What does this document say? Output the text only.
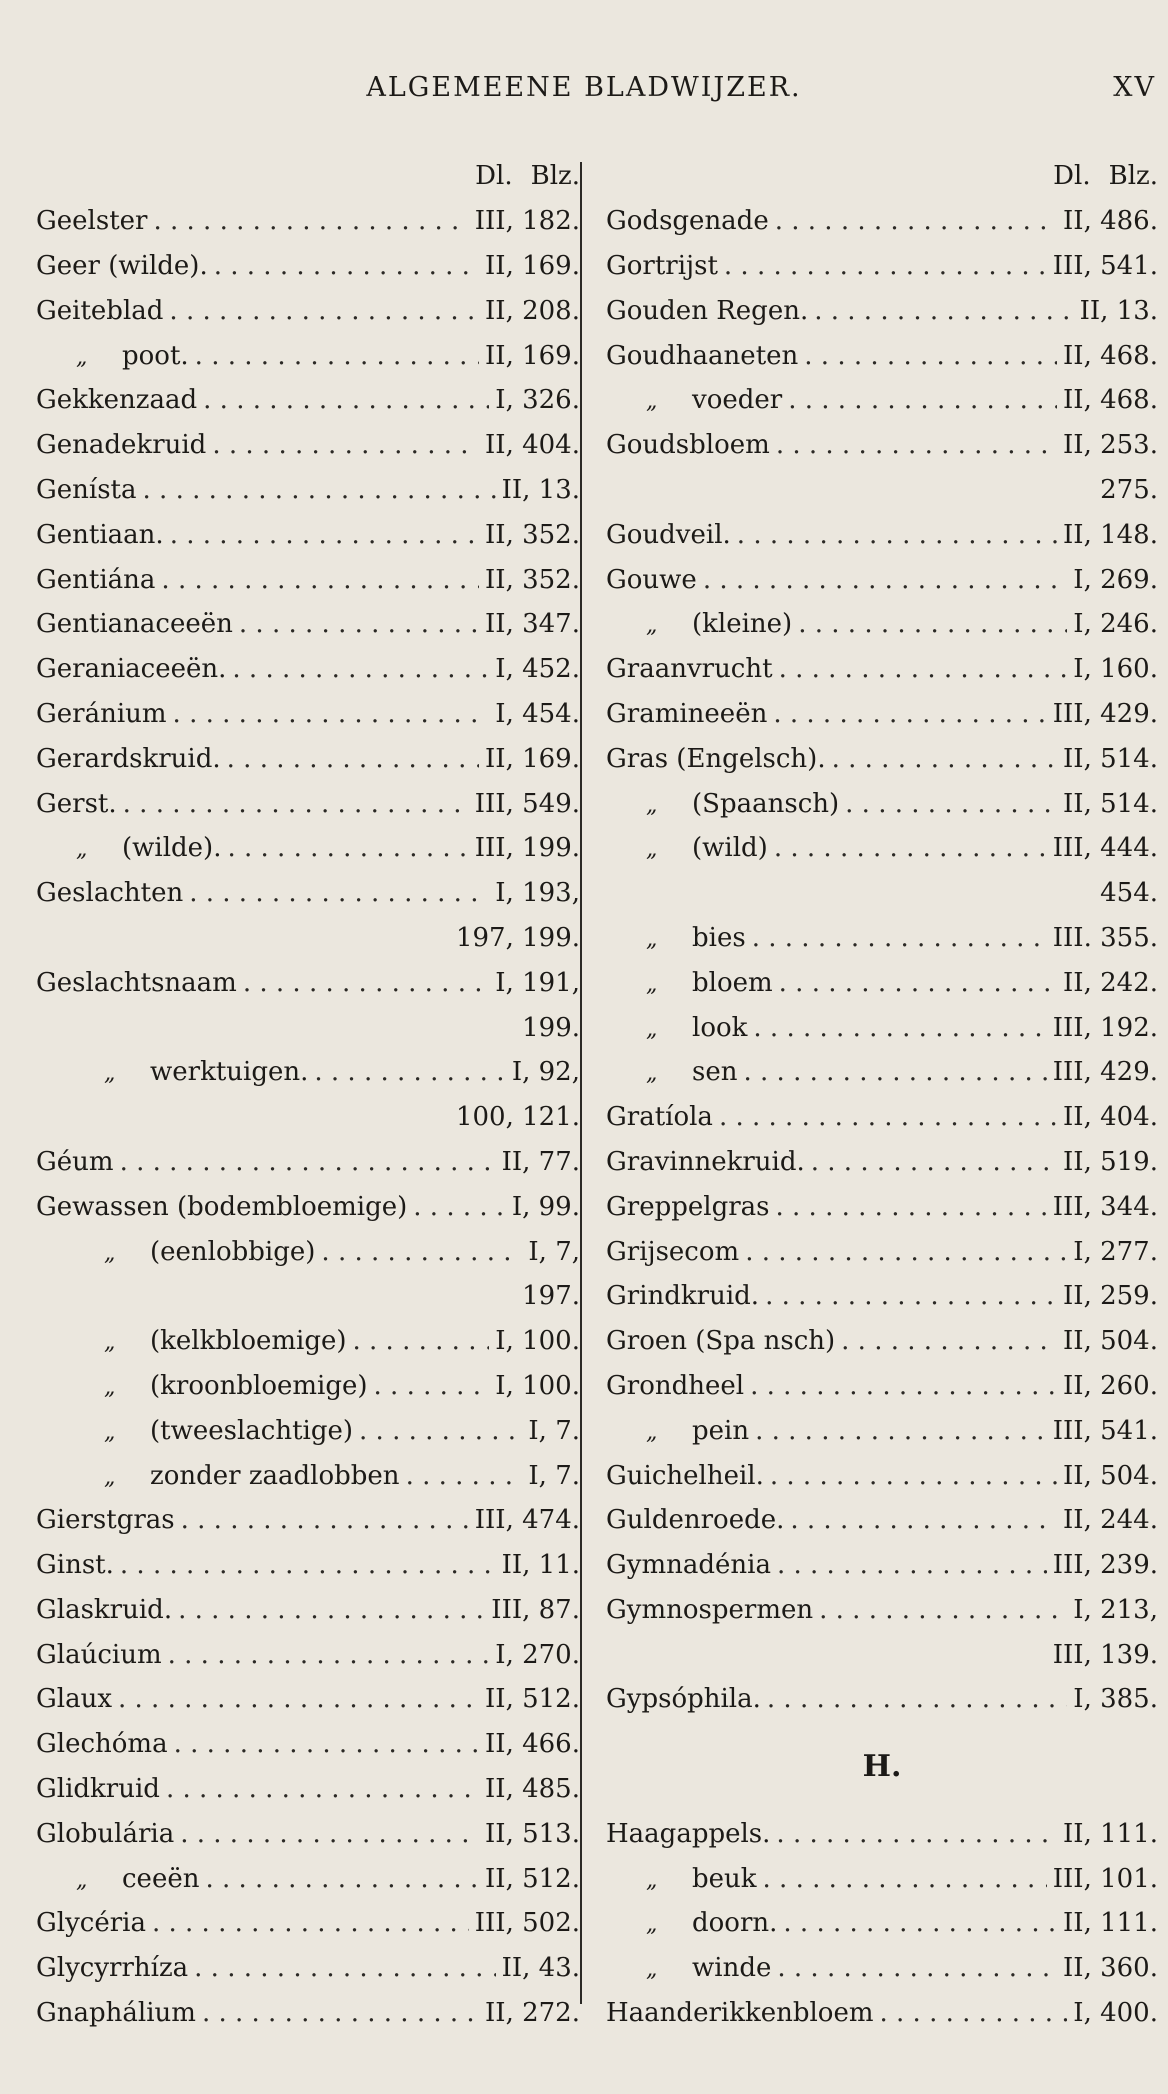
ALGEMEENE BLADWIJZER.	XV
Dl. Blz.
Geelster . . .	III, 182.
Geer (wilde). . . .	II, 169.
Geiteblad . . .	II, 208.
„ poot. . . .	II, 169.
Gekkenzaad . . .	I, 326.
Genadekruid . . .	II, 404.
Genísta . . .	II, 13.
Gentiaan. . . .	II, 352.
Gentiána . . .	II, 352.
Gentianaceeën . . .	II, 347.
Geraniaceeën. . . .	I, 452.
Geránium . . .	I, 454.
Gerardskruid. . . .	II, 169.
Gerst. . . .	III, 549.
„ (wilde). . . .	III, 199.
Geslachten . . .	I, 193,
197, 199.
Geslachtsnaam . . .	I, 191,
199.
„ werktuigen. . . .	I, 92,
100, 121.
Géum . . .	II, 77.
Gewassen (bodembloemige) . . .	I, 99.
„ (eenlobbige) . . .	I, 7,
197.
„ (kelkbloemige) . . .	I, 100.
„ (kroonbloemige) . . .	I, 100.
„ (tweeslachtige) . . .	I, 7.
„ zonder zaadlobben . . .	I, 7.
Gierstgras . . .	III, 474.
Ginst. . . .	II, 11.
Glaskruid. . . .	III, 87.
Glaúcium . . .	I, 270.
Glaux . . .	II, 512.
Glechóma . . .	II, 466.
Glidkruid . . .	II, 485.
Globulária . . .	II, 513.
„ ceeën . . .	II, 512.
Glycéria . . .	III, 502.
Glycyrrhíza . . .	II, 43.
Gnaphálium . . .	II, 272.
Dl. Blz.
Godsgenade . . .	II, 486.
Gortrijst . . .	III, 541.
Gouden Regen. . . .	II, 13.
Goudhaaneten . . .	II, 468.
„ voeder . . .	II, 468.
Goudsbloem . . .	II, 253.
275.
Goudveil. . . .	II, 148.
Gouwe . . .	I, 269.
„ (kleine) . . .	I, 246.
Graanvrucht . . .	I, 160.
Gramineeën . . .	III, 429.
Gras (Engelsch). . . .	II, 514.
„ (Spaansch) . . .	II, 514.
„ (wild) . . .	III, 444.
454.
„ bies . . .	III. 355.
„ bloem . . .	II, 242.
„ look . . .	III, 192.
„ sen . . .	III, 429.
Gratíola . . .	II, 404.
Gravinnekruid. . . .	II, 519.
Greppelgras . . .	III, 344.
Grijsecom . . .	I, 277.
Grindkruid. . . .	II, 259.
Groen (Spa nsch) . . .	II, 504.
Grondheel . . .	II, 260.
„ pein . . .	III, 541.
Guichelheil. . . .	II, 504.
Guldenroede. . . .	II, 244.
Gymnadénia . . .	III, 239.
Gymnospermen . . .	I, 213,
III, 139.
Gypsóphila. . . .	I, 385.
H.
Haagappels. . . .	II, 111.
„ beuk . . .	III, 101.
„ doorn. . . .	II, 111.
„ winde . . .	II, 360.
Haanderikkenbloem . . .	I, 400.
